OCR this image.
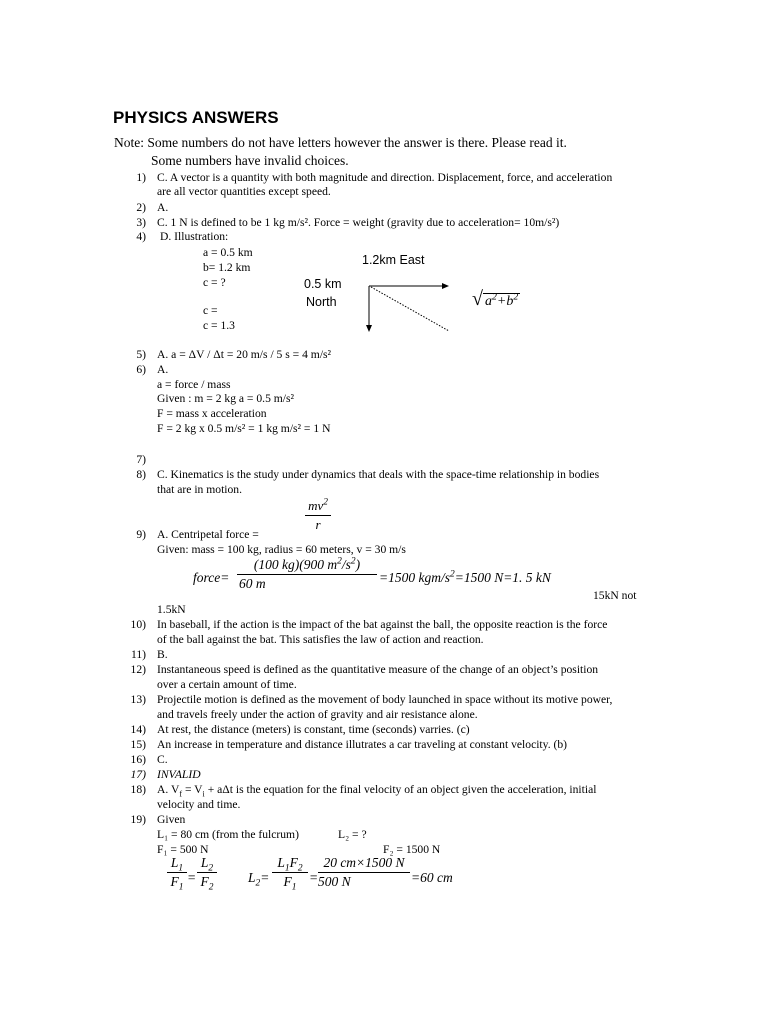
PHYSICS ANSWERS
Note: Some numbers do not have letters however the answer is there. Please read it.
Some numbers have invalid choices.
1) C. A vector is a quantity with both magnitude and direction. Displacement, force, and acceleration
are all vector quantities except speed.
2) A.
3) C. 1 N is defined to be 1 kg m/s². Force = weight (gravity due to acceleration= 10m/s²)
4) D. Illustration:
a = 0.5 km
b= 1.2 km
c = ?
c =
c = 1.3
1.2km East
0.5 km
North	√ $a^2+b^2$
5) A. a = ΔV / Δt = 20 m/s / 5 s = 4 m/s²
6) A.
a = force / mass
Given : m = 2 kg a = 0.5 m/s²
F = mass x acceleration
F = 2 kg x 0.5 m/s² = 1 kg m/s² = 1 N
7)
8) C. Kinematics is the study under dynamics that deals with the space-time relationship in bodies
that are in motion.
$mv^2$
r
9) A. Centripetal force =
Given: mass = 100 kg, radius = 60 meters, v = 30 m/s
force=
(100 kg)(900 $m^2/s^2$)
60 m	=1500 kgm/$s^2=1500$ N=1. 5 kN
15kN not
1.5kN
10) In baseball, if the action is the impact of the bat against the ball, the opposite reaction is the force
of the ball against the bat. This satisfies the law of action and reaction.
11) B.
12) Instantaneous speed is defined as the quantitative measure of the change of an object’s position
over a certain amount of time.
13) Projectile motion is defined as the movement of body launched in space without its motive power,
and travels freely under the action of gravity and air resistance alone.
14) At rest, the distance (meters) is constant, time (seconds) varries. (c)
15) An increase in temperature and distance illutrates a car traveling at constant velocity. (b)
16) C.
17) INVALID
18) A. $V_f = V_i + a\Delta t$ is the equation for the final velocity of an object given the acceleration, initial
velocity and time.
19) Given
L₁ = 80 cm (from the fulcrum)	L₂ = ?
F₁ = 500 N	F₂ = 1500 N
$L_1$
$F_1$
=
$L_2$
$F_2$
$L_2=$
$L_1F_2$
$F_1$
=
20 cm×1500 N
500 N	=60 cm
